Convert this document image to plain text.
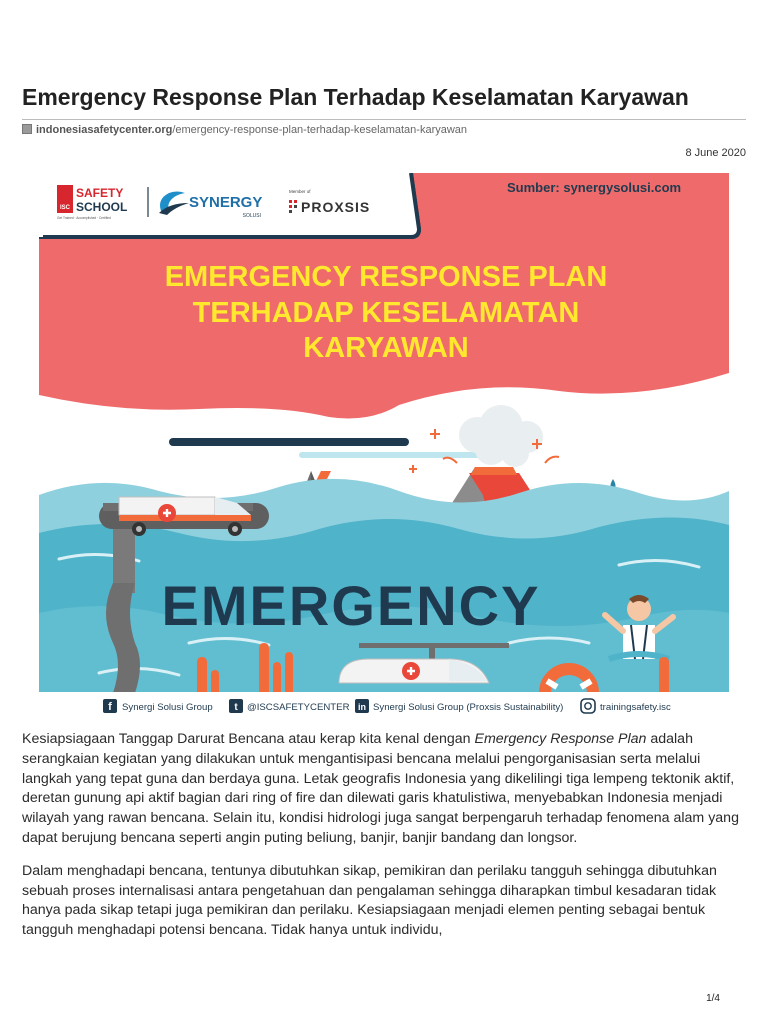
Emergency Response Plan Terhadap Keselamatan Karyawan
indonesiasafetycenter.org/emergency-response-plan-terhadap-keselamatan-karyawan
8 June 2020
ISC
SAFETY
SCHOOL
Get Trained · Accomplished · Certified
SYNERGY
SOLUSI
Member of
PROXSIS
Sumber: synergysolusi.com
EMERGENCY RESPONSE PLAN
TERHADAP KESELAMATAN
KARYAWAN
EMERGENCY
f Synergi Solusi Group t @ISCSAFETYCENTER in Synergi Solusi Group (Proxsis Sustainability)	trainingsafety.isc

Kesiapsiagaan Tanggap Darurat Bencana atau kerap kita kenal dengan Emergency Response Plan adalah serangkaian kegiatan yang dilakukan untuk mengantisipasi bencana melalui pengorganisasian serta melalui langkah yang tepat guna dan berdaya guna. Letak geografis Indonesia yang dikelilingi tiga lempeng tektonik aktif, deretan gunung api aktif bagian dari ring of fire dan dilewati garis khatulistiwa, menyebabkan Indonesia menjadi wilayah yang rawan bencana. Selain itu, kondisi hidrologi juga sangat berpengaruh terhadap fenomena alam yang dapat berujung bencana seperti angin puting beliung, banjir, banjir bandang dan longsor.

Dalam menghadapi bencana, tentunya dibutuhkan sikap, pemikiran dan perilaku tangguh sehingga dibutuhkan sebuah proses internalisasi antara pengetahuan dan pengalaman sehingga diharapkan timbul kesadaran tidak hanya pada sikap tetapi juga pemikiran dan perilaku. Kesiapsiagaan menjadi elemen penting sebagai bentuk tangguh menghadapi potensi bencana. Tidak hanya untuk individu,

1/4
